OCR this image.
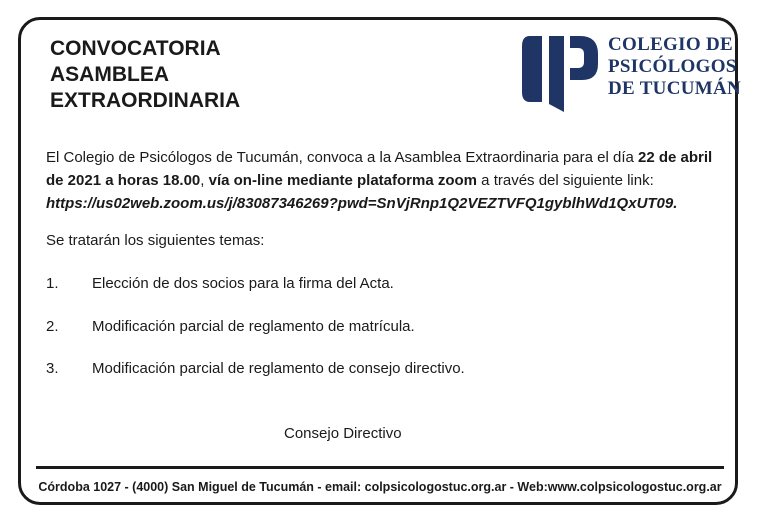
CONVOCATORIA
ASAMBLEA
EXTRAORDINARIA
COLEGIO DE
PSICÓLOGOS
DE TUCUMÁN

El Colegio de Psicólogos de Tucumán, convoca a la Asamblea Extraordinaria para el día 22 de abril de 2021 a horas 18.00, vía on-line mediante plataforma zoom a través del siguiente link:
https://us02web.zoom.us/j/83087346269?pwd=SnVjRnp1Q2VEZTVFQ1gyblhWd1QxUT09.

Se tratarán los siguientes temas:
1. Elección de dos socios para la firma del Acta.
2. Modificación parcial de reglamento de matrícula.
3. Modificación parcial de reglamento de consejo directivo.
Consejo Directivo
Córdoba 1027 - (4000) San Miguel de Tucumán - email: colpsicologostuc.org.ar - Web:www.colpsicologostuc.org.ar
